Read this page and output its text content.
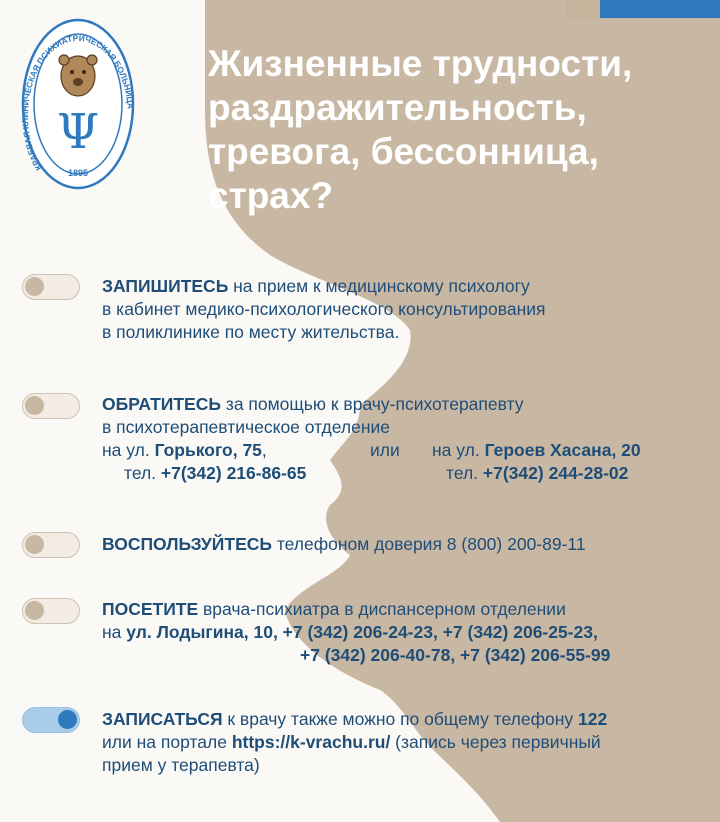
КРАЕВАЯ КЛИНИЧЕСКАЯ ПСИХИАТРИЧЕСКАЯ БОЛЬНИЦА
Ψ
1895
Жизненные трудности,
раздражительность,
тревога, бессонница,
страх?
ЗАПИШИТЕСЬ на прием к медицинскому психологу
в кабинет медико-психологического консультирования
в поликлинике по месту жительства.
ОБРАТИТЕСЬ за помощью к врачу-психотерапевту
в психотерапевтическое отделение
на ул. Горького, 75,	или на ул. Героев Хасана, 20
тел. +7(342) 216-86-65	тел. +7(342) 244-28-02
ВОСПОЛЬЗУЙТЕСЬ телефоном доверия 8 (800) 200-89-11
ПОСЕТИТЕ врача-психиатра в диспансерном отделении
на ул. Лодыгина, 10, +7 (342) 206-24-23, +7 (342) 206-25-23,
+7 (342) 206-40-78, +7 (342) 206-55-99
ЗАПИСАТЬСЯ к врачу также можно по общему телефону 122
или на портале https://k-vrachu.ru/ (запись через первичный
прием у терапевта)
